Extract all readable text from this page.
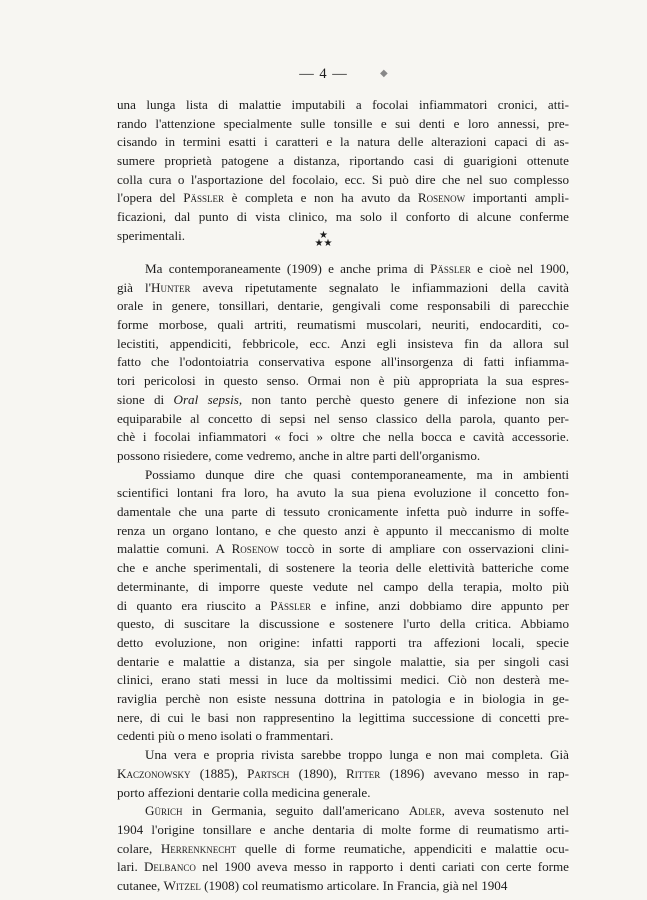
— 4 —	◆
una lunga lista di malattie imputabili a focolai infiammatori cronici, atti-
rando l'attenzione specialmente sulle tonsille e sui denti e loro annessi, pre-
cisando in termini esatti i caratteri e la natura delle alterazioni capaci di as-
sumere proprietà patogene a distanza, riportando casi di guarigioni ottenute
colla cura o l'asportazione del focolaio, ecc. Si può dire che nel suo complesso
l'opera del Pässler è completa e non ha avuto da Rosenow importanti ampli-
ficazioni, dal punto di vista clinico, ma solo il conforto di alcune conferme
sperimentali.	★
★★
Ma contemporaneamente (1909) e anche prima di Pässler e cioè nel 1900,
già l'Hunter aveva ripetutamente segnalato le infiammazioni della cavità
orale in genere, tonsillari, dentarie, gengivali come responsabili di parecchie
forme morbose, quali artriti, reumatismi muscolari, neuriti, endocarditi, co-
lecistiti, appendiciti, febbricole, ecc. Anzi egli insisteva fin da allora sul
fatto che l'odontoiatria conservativa espone all'insorgenza di fatti infiamma-
tori pericolosi in questo senso. Ormai non è più appropriata la sua espres-
sione di Oral sepsis, non tanto perchè questo genere di infezione non sia
equiparabile al concetto di sepsi nel senso classico della parola, quanto per-
chè i focolai infiammatori « foci » oltre che nella bocca e cavità accessorie.
possono risiedere, come vedremo, anche in altre parti dell'organismo.
Possiamo dunque dire che quasi contemporaneamente, ma in ambienti
scientifici lontani fra loro, ha avuto la sua piena evoluzione il concetto fon-
damentale che una parte di tessuto cronicamente infetta può indurre in soffe-
renza un organo lontano, e che questo anzi è appunto il meccanismo di molte
malattie comuni. A Rosenow toccò in sorte di ampliare con osservazioni clini-
che e anche sperimentali, di sostenere la teoria delle elettività batteriche come
determinante, di imporre queste vedute nel campo della terapia, molto più
di quanto era riuscito a Pässler e infine, anzi dobbiamo dire appunto per
questo, di suscitare la discussione e sostenere l'urto della critica. Abbiamo
detto evoluzione, non origine: infatti rapporti tra affezioni locali, specie
dentarie e malattie a distanza, sia per singole malattie, sia per singoli casi
clinici, erano stati messi in luce da moltissimi medici. Ciò non desterà me-
raviglia perchè non esiste nessuna dottrina in patologia e in biologia in ge-
nere, di cui le basi non rappresentino la legittima successione di concetti pre-
cedenti più o meno isolati o frammentari.
Una vera e propria rivista sarebbe troppo lunga e non mai completa. Già
Kaczonowsky (1885), Partsch (1890), Ritter (1896) avevano messo in rap-
porto affezioni dentarie colla medicina generale.
Gürich in Germania, seguito dall'americano Adler, aveva sostenuto nel
1904 l'origine tonsillare e anche dentaria di molte forme di reumatismo arti-
colare, Herrenknecht quelle di forme reumatiche, appendiciti e malattie ocu-
lari. Delbanco nel 1900 aveva messo in rapporto i denti cariati con certe forme
cutanee, Witzel (1908) col reumatismo articolare. In Francia, già nel 1904
